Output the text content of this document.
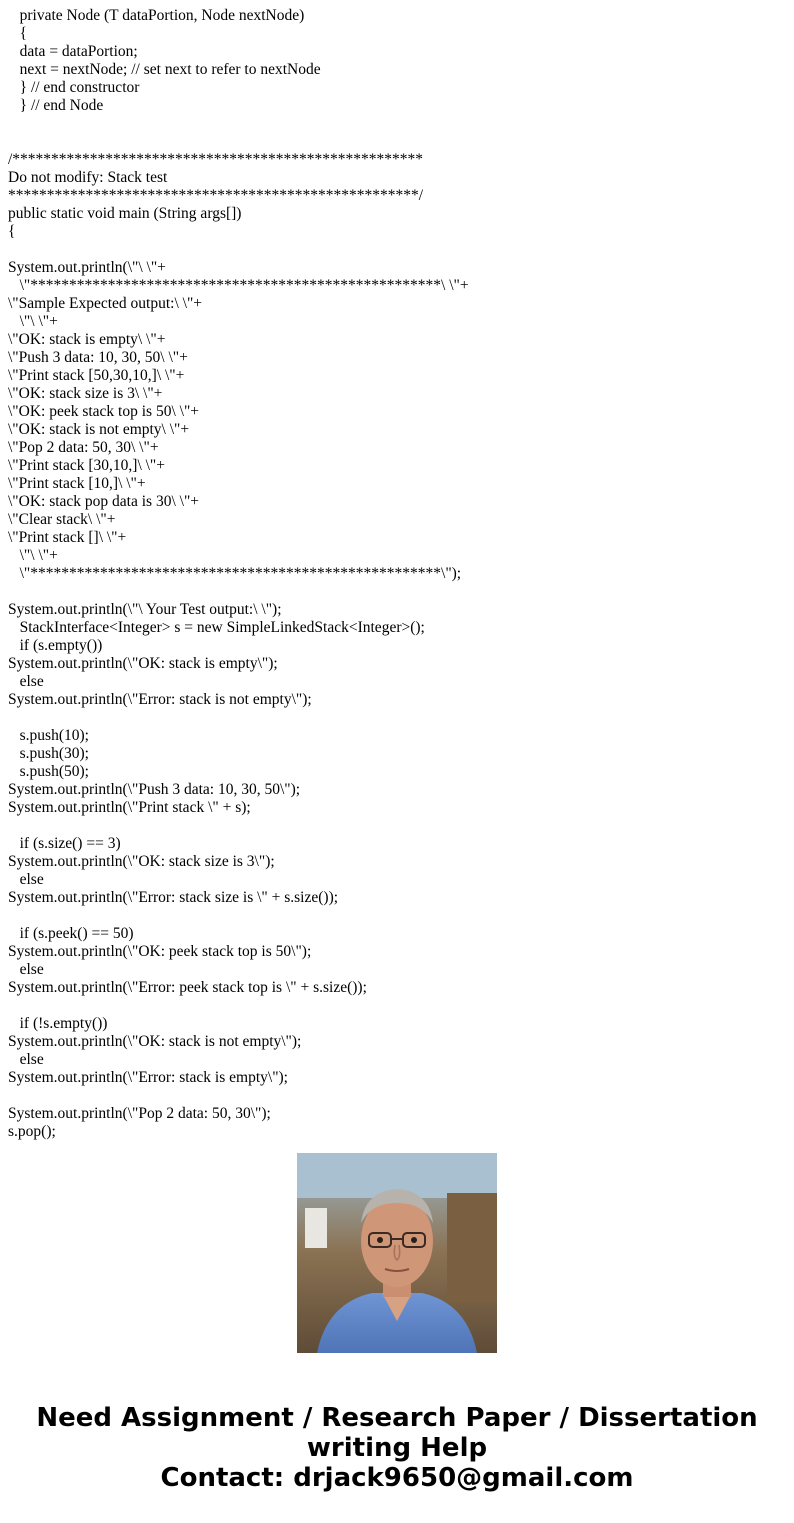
private Node (T dataPortion, Node nextNode)
{
data = dataPortion;
next = nextNode; // set next to refer to nextNode
} // end constructor
} // end Node
/*****************************************************
Do not modify: Stack test
*****************************************************/
public static void main (String args[])
{
System.out.println(\"\ \"+
\"*****************************************************\ \"+
\"Sample Expected output:\ \"+
\"\ \"+
\"OK: stack is empty\ \"+
\"Push 3 data: 10, 30, 50\ \"+
\"Print stack [50,30,10,]\ \"+
\"OK: stack size is 3\ \"+
\"OK: peek stack top is 50\ \"+
\"OK: stack is not empty\ \"+
\"Pop 2 data: 50, 30\ \"+
\"Print stack [30,10,]\ \"+
\"Print stack [10,]\ \"+
\"OK: stack pop data is 30\ \"+
\"Clear stack\ \"+
\"Print stack []\ \"+
\"\ \"+
\"*****************************************************\");
System.out.println(\"\ Your Test output:\ \");
StackInterface<Integer> s = new SimpleLinkedStack<Integer>();
if (s.empty())
System.out.println(\"OK: stack is empty\");
else
System.out.println(\"Error: stack is not empty\");
s.push(10);
s.push(30);
s.push(50);
System.out.println(\"Push 3 data: 10, 30, 50\");
System.out.println(\"Print stack \" + s);
if (s.size() == 3)
System.out.println(\"OK: stack size is 3\");
else
System.out.println(\"Error: stack size is \" + s.size());
if (s.peek() == 50)
System.out.println(\"OK: peek stack top is 50\");
else
System.out.println(\"Error: peek stack top is \" + s.size());
if (!s.empty())
System.out.println(\"OK: stack is not empty\");
else
System.out.println(\"Error: stack is empty\");
System.out.println(\"Pop 2 data: 50, 30\");
s.pop();
Need Assignment / Research Paper / Dissertation
writing Help
Contact: drjack9650@gmail.com
